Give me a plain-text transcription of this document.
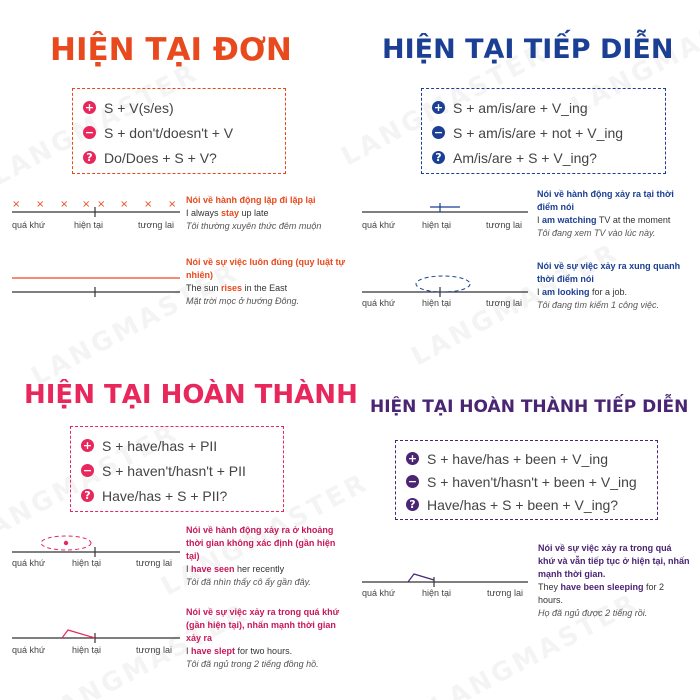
HIỆN TẠI ĐƠN	HIỆN TẠI TIẾP DIỄN
HIỆN TẠI HOÀN THÀNH HIỆN TẠI HOÀN THÀNH TIẾP DIỄN
+ S + V(s/es)
− S + don't/doesn't + V
? Do/Does + S + V?
+ S + am/is/are + V_ing
− S + am/is/are + not + V_ing
? Am/is/are + S + V_ing?
+ S + have/has + PII
− S + haven't/hasn't + PII
? Have/has + S + PII?
+ S + have/has + been + V_ing
− S + haven't/hasn't + been + V_ing
? Have/has + S + been + V_ing?
× × × × × × × ×
quá khứ	hiện tại	tương lai	quá khứ	hiện tại	tương lai
quá khứ	hiện tại	tương lai
quá khứ	hiện tại	tương lai
quá khứ	hiện tại	tương lai
quá khứ	hiện tại	tương lai
Nói về hành động lặp đi lặp lại
I always stay up late
Tôi thường xuyên thức đêm muộn
Nói về sự việc luôn đúng (quy luật tự nhiên)
The sun rises in the East
Mặt trời mọc ở hướng Đông.
Nói về hành động xảy ra tại thời điểm nói
I am watching TV at the moment
Tôi đang xem TV vào lúc này.
Nói về sự việc xảy ra xung quanh thời điểm nói
I am looking for a job.
Tôi đang tìm kiếm 1 công việc.
Nói về hành động xảy ra ở khoảng thời gian không xác định (gần hiện tại)
I have seen her recently
Tôi đã nhìn thấy cô ấy gần đây.
Nói về sự việc xảy ra trong quá khứ (gần hiện tại), nhấn mạnh thời gian xảy ra
I have slept for two hours.
Tôi đã ngủ trong 2 tiếng đồng hồ.
Nói về sự việc xảy ra trong quá khứ và vẫn tiếp tục ở hiện tại, nhấn mạnh thời gian.
They have been sleeping for 2 hours.
Họ đã ngủ được 2 tiếng rồi.
